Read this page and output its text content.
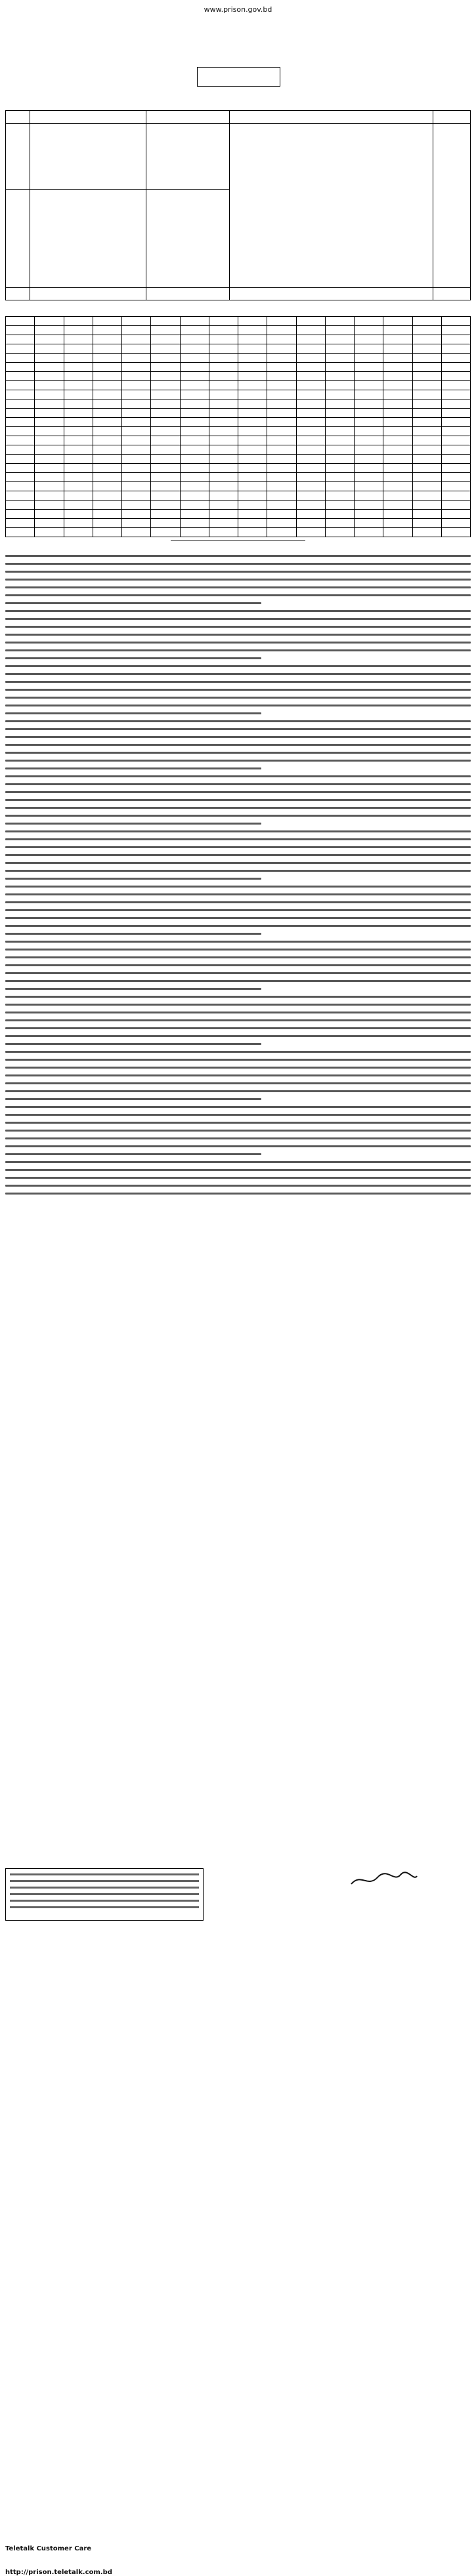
www.prison.gov.bd

http://prison.teletalk.com.bd
Teletalk Customer Care
